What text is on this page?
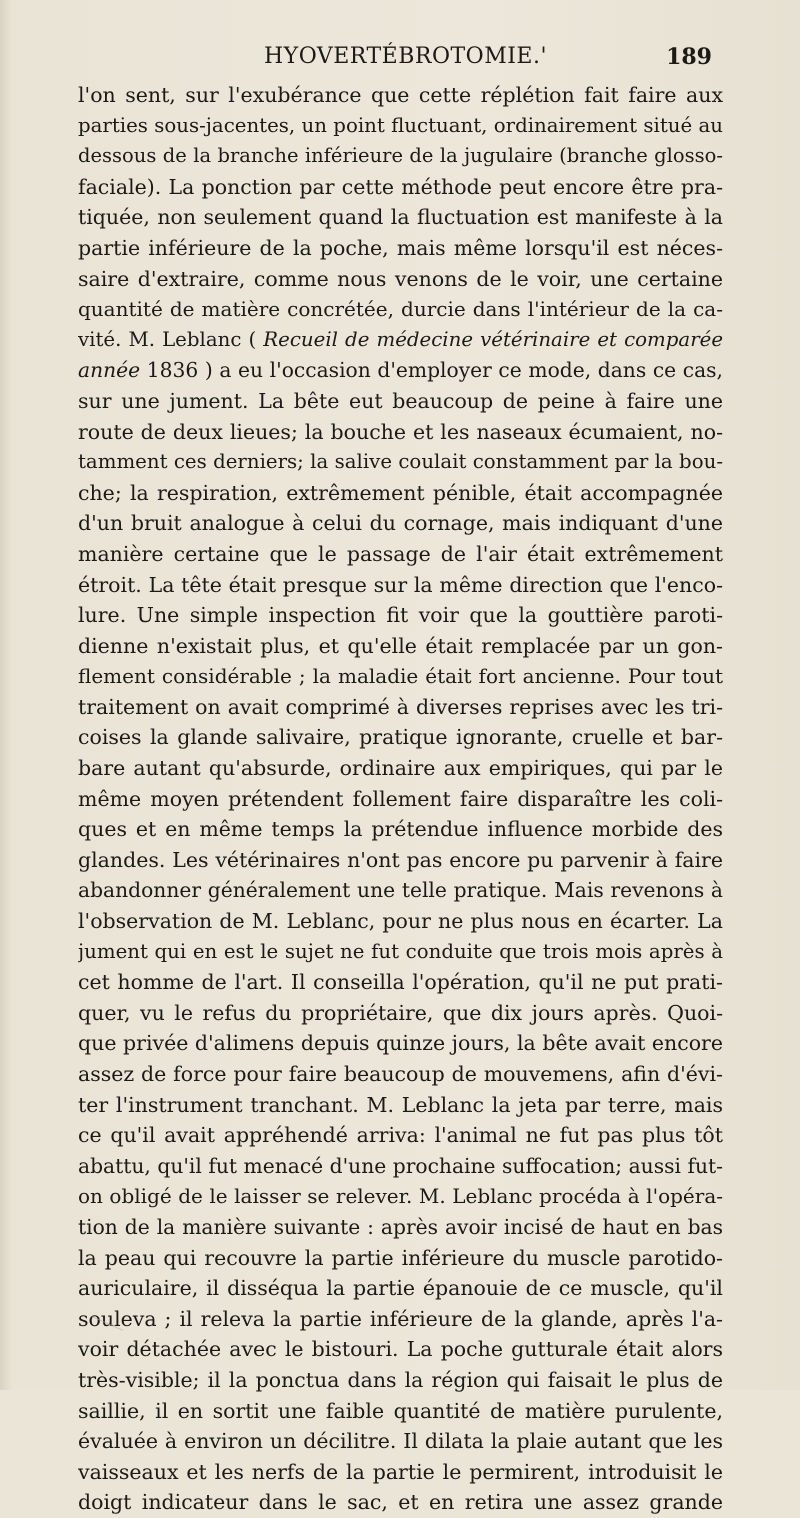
HYOVERTÉBROTOMIE.'	189
l'on sent, sur l'exubérance que cette réplétion fait faire aux
parties sous-jacentes, un point fluctuant, ordinairement situé au
dessous de la branche inférieure de la jugulaire (branche glosso-
faciale). La ponction par cette méthode peut encore être pra-
tiquée, non seulement quand la fluctuation est manifeste à la
partie inférieure de la poche, mais même lorsqu'il est néces-
saire d'extraire, comme nous venons de le voir, une certaine
quantité de matière concrétée, durcie dans l'intérieur de la ca-
vité. M. Leblanc ( Recueil de médecine vétérinaire et comparée
année 1836 ) a eu l'occasion d'employer ce mode, dans ce cas,
sur une jument. La bête eut beaucoup de peine à faire une
route de deux lieues; la bouche et les naseaux écumaient, no-
tamment ces derniers; la salive coulait constamment par la bou-
che; la respiration, extrêmement pénible, était accompagnée
d'un bruit analogue à celui du cornage, mais indiquant d'une
manière certaine que le passage de l'air était extrêmement
étroit. La tête était presque sur la même direction que l'enco-
lure. Une simple inspection fit voir que la gouttière paroti-
dienne n'existait plus, et qu'elle était remplacée par un gon-
flement considérable ; la maladie était fort ancienne. Pour tout
traitement on avait comprimé à diverses reprises avec les tri-
coises la glande salivaire, pratique ignorante, cruelle et bar-
bare autant qu'absurde, ordinaire aux empiriques, qui par le
même moyen prétendent follement faire disparaître les coli-
ques et en même temps la prétendue influence morbide des
glandes. Les vétérinaires n'ont pas encore pu parvenir à faire
abandonner généralement une telle pratique. Mais revenons à
l'observation de M. Leblanc, pour ne plus nous en écarter. La
jument qui en est le sujet ne fut conduite que trois mois après à
cet homme de l'art. Il conseilla l'opération, qu'il ne put prati-
quer, vu le refus du propriétaire, que dix jours après. Quoi-
que privée d'alimens depuis quinze jours, la bête avait encore
assez de force pour faire beaucoup de mouvemens, afin d'évi-
ter l'instrument tranchant. M. Leblanc la jeta par terre, mais
ce qu'il avait appréhendé arriva: l'animal ne fut pas plus tôt
abattu, qu'il fut menacé d'une prochaine suffocation; aussi fut-
on obligé de le laisser se relever. M. Leblanc procéda à l'opéra-
tion de la manière suivante : après avoir incisé de haut en bas
la peau qui recouvre la partie inférieure du muscle parotido-
auriculaire, il disséqua la partie épanouie de ce muscle, qu'il
souleva ; il releva la partie inférieure de la glande, après l'a-
voir détachée avec le bistouri. La poche gutturale était alors
très-visible; il la ponctua dans la région qui faisait le plus de
saillie, il en sortit une faible quantité de matière purulente,
évaluée à environ un décilitre. Il dilata la plaie autant que les
vaisseaux et les nerfs de la partie le permirent, introduisit le
doigt indicateur dans le sac, et en retira une assez grande
